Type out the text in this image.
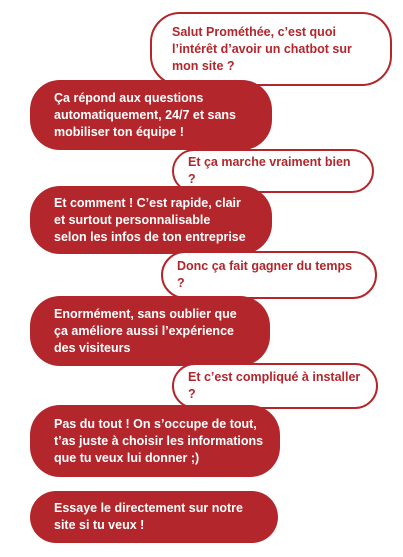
Salut Prométhée, c’est quoi
l’intérêt d’avoir un chatbot sur
mon site ?
Ça répond aux questions
automatiquement, 24/7 et sans
mobiliser ton équipe !
Et ça marche vraiment bien ?
Et comment ! C’est rapide, clair
et surtout personnalisable
selon les infos de ton entreprise
Donc ça fait gagner du temps ?
Enormément, sans oublier que
ça améliore aussi l’expérience
des visiteurs
Et c’est compliqué à installer ?
Pas du tout ! On s’occupe de tout,
t’as juste à choisir les informations
que tu veux lui donner ;)
Essaye le directement sur notre
site si tu veux !
